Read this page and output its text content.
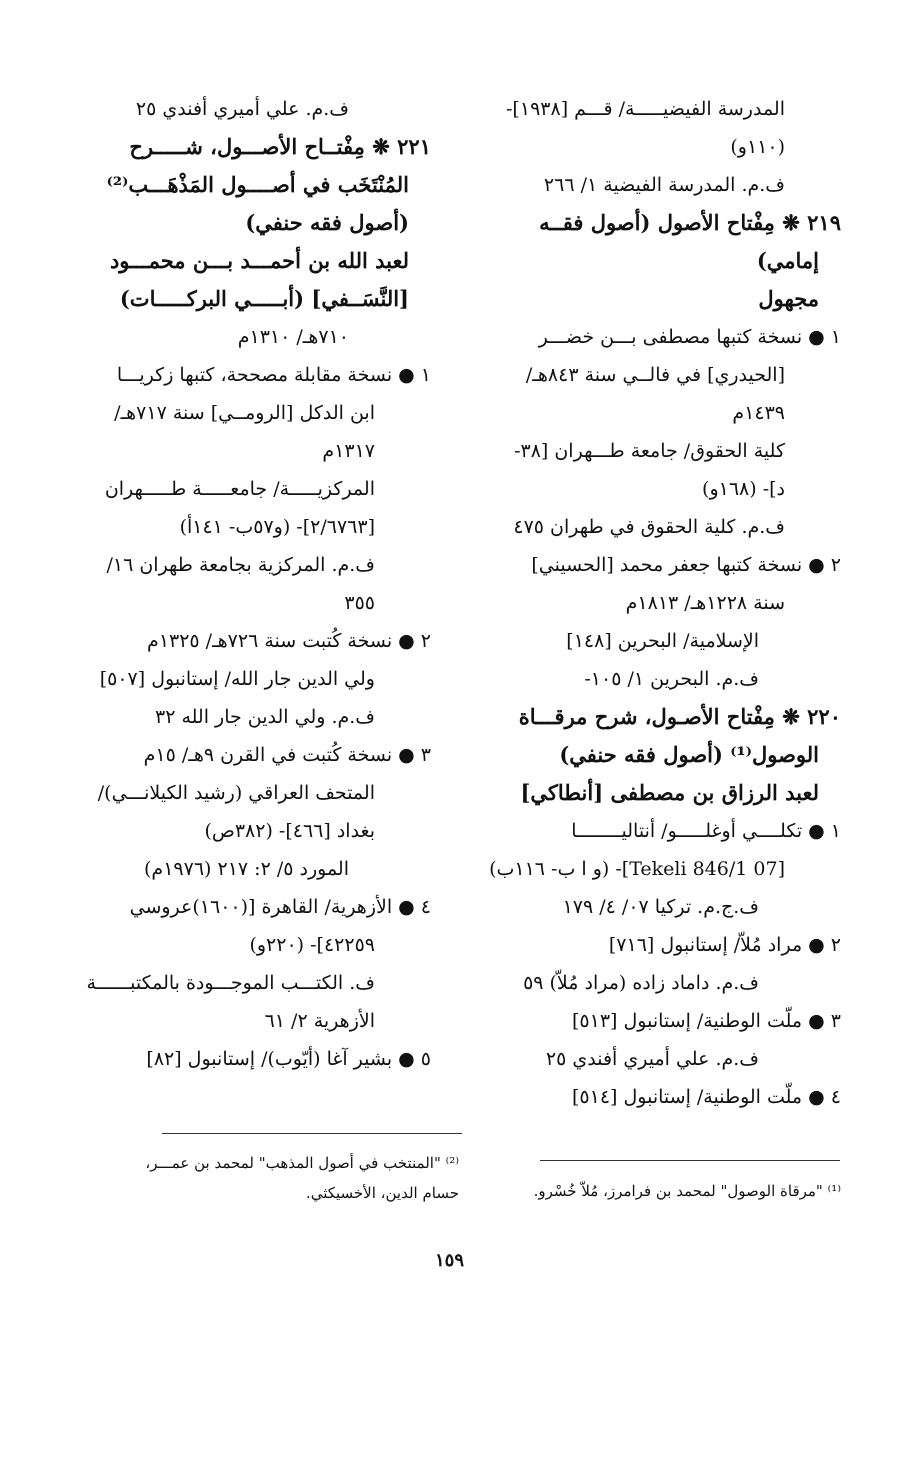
المدرسة الفيضيـــــة/ قـــم [١٩٣٨]-
(١١٠و)
ف.م. المدرسة الفيضية ١/ ٢٦٦
٢١٩ ❋ مِفْتاح الأصول (أصول فقــه
إمامي)
مجهول
١ ● نسخة كتبها مصطفى بـــن خضـــر
[الحيدري] في فالــي سنة ٨٤٣هـ/
١٤٣٩م
كلية الحقوق/ جامعة طـــهران [٣٨-
د]- (١٦٨و)
ف.م. كلية الحقوق في طهران ٤٧٥
٢ ● نسخة كتبها جعفر محمد [الحسيني]
سنة ١٢٢٨هـ/ ١٨١٣م
الإسلامية/ البحرين [١٤٨]
ف.م. البحرين ١/ ١٠٥-
٢٢٠ ❋ مِفْتاح الأصـول، شرح مرقـــاة
الوصول⁽¹⁾ (أصول فقه حنفي)
لعبد الرزاق بن مصطفى [أنطاكي]
١ ● تكلــــي أوغلـــــو/ أنتاليــــــــا
[07 Tekeli 846/1]- (و ا ب- ١١٦ب)
ف.ج.م. تركيا ٠٧/ ٤/ ١٧٩
٢ ● مراد مُلاّ/ إستانبول [٧١٦]
ف.م. داماد زاده (مراد مُلاّ) ٥٩
٣ ● ملّت الوطنية/ إستانبول [٥١٣]
ف.م. علي أميري أفندي ٢٥
٤ ● ملّت الوطنية/ إستانبول [٥١٤]
ف.م. علي أميري أفندي ٢٥
٢٢١ ❋ مِفْتــاح الأصـــول، شـــــرح
المُنْتَخَب في أصــــول المَذْهَـــب⁽²⁾
(أصول فقه حنفي)
لعبد الله بن أحمـــد بـــن محمـــود
[النَّسَــفي] (أبـــــي البركـــــات)
٧١٠هـ/ ١٣١٠م
١ ● نسخة مقابلة مصححة، كتبها زكريـــا
ابن الدكل [الرومــي] سنة ٧١٧هـ/
١٣١٧م
المركزيـــــة/ جامعـــــة طـــــهران
[٢/٦٧٦٣]- (و٥٧ب- ١٤١أ)
ف.م. المركزية بجامعة طهران ١٦/
٣٥٥
٢ ● نسخة كُتبت سنة ٧٢٦هـ/ ١٣٢٥م
ولي الدين جار الله/ إستانبول [٥٠٧]
ف.م. ولي الدين جار الله ٣٢
٣ ● نسخة كُتبت في القرن ٩هـ/ ١٥م
المتحف العراقي (رشيد الكيلانـــي)/
بغداد [٤٦٦]- (٣٨٢ص)
المورد ٥/ ٢: ٢١٧ (١٩٧٦م)
٤ ● الأزهرية/ القاهرة [(١٦٠٠)عروسي
٤٢٢٥٩]- (٢٢٠و)
ف. الكتـــب الموجـــودة بالمكتبــــــة
الأزهرية ٢/ ٦١
٥ ● بشير آغا (أيّوب)/ إستانبول [٨٢]
⁽²⁾ "المنتخب في أصول المذهب" لمحمد بن عمـــر،
حسام الدين، الأخسيكثي.	⁽¹⁾ "مرقاة الوصول" لمحمد بن فرامرز، مُلاّ خُسْرو.
١٥٩
